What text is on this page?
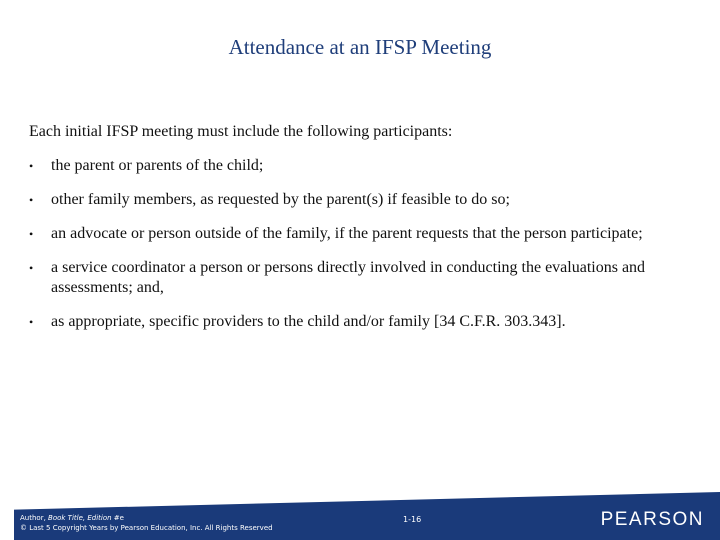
Attendance at an IFSP Meeting
Each initial IFSP meeting must include the following participants:
• the parent or parents of the child;
• other family members, as requested by the parent(s) if feasible to do so;
• an advocate or person outside of the family, if the parent requests that the person participate;
• a service coordinator a person or persons directly involved in conducting the evaluations and assessments; and,
• as appropriate, specific providers to the child and/or family [34 C.F.R. 303.343].
Author, Book Title, Edition #e
© Last 5 Copyright Years by Pearson Education, Inc. All Rights Reserved
1-16	PEARSON
